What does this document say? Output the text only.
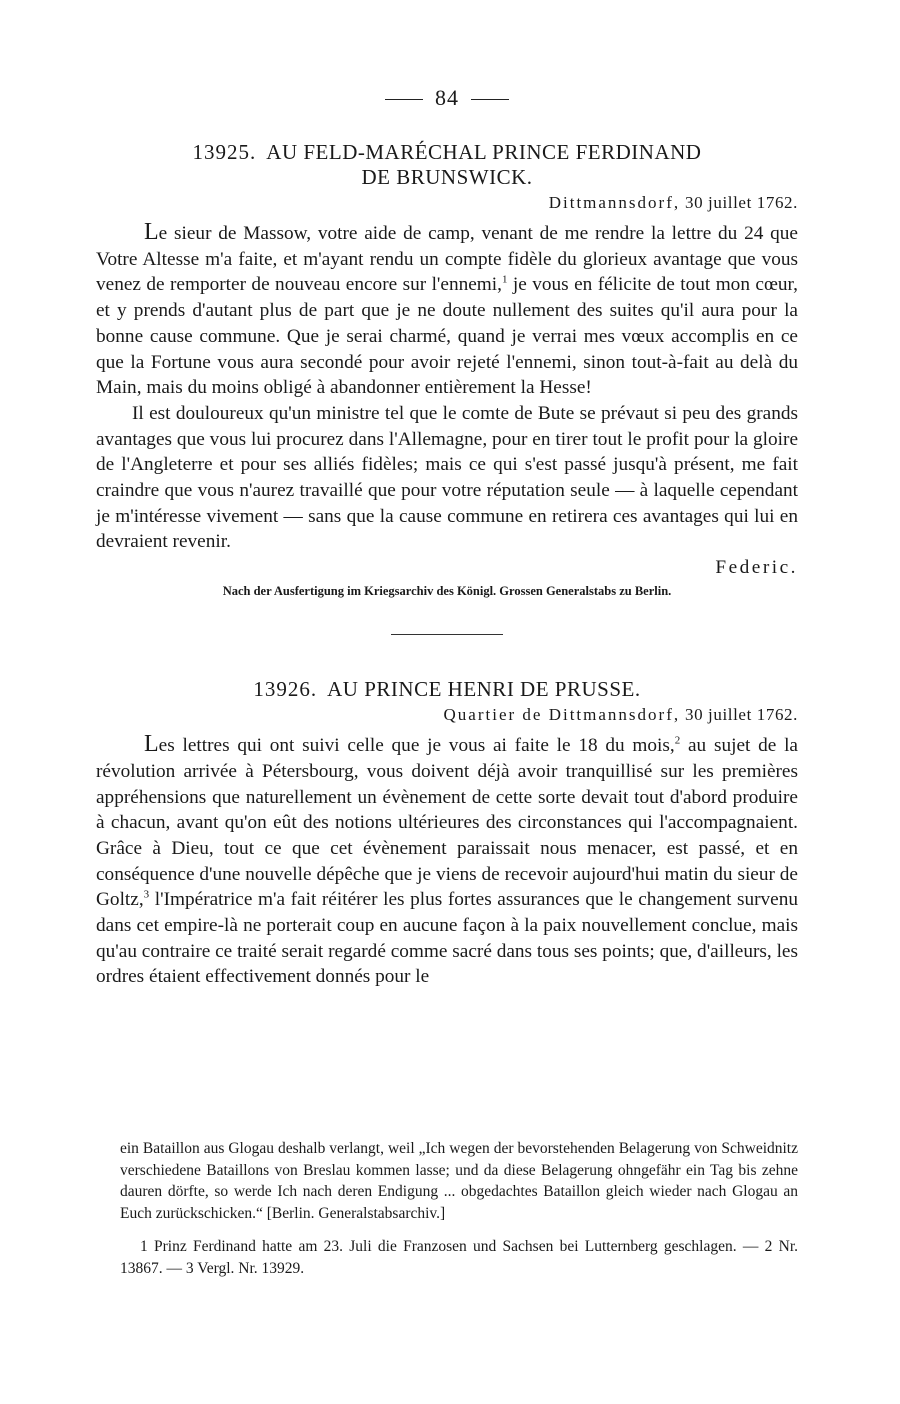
84
13925. AU FELD-MARÉCHAL PRINCE FERDINAND
DE BRUNSWICK.
Dittmannsdorf, 30 juillet 1762.

Le sieur de Massow, votre aide de camp, venant de me rendre la lettre du 24 que Votre Altesse m'a faite, et m'ayant rendu un compte fidèle du glorieux avantage que vous venez de remporter de nouveau encore sur l'ennemi,$^1$ je vous en félicite de tout mon cœur, et y prends d'autant plus de part que je ne doute nullement des suites qu'il aura pour la bonne cause commune. Que je serai charmé, quand je verrai mes vœux accomplis en ce que la Fortune vous aura secondé pour avoir rejeté l'ennemi, sinon tout-à-fait au delà du Main, mais du moins obligé à abandonner entièrement la Hesse!

Il est douloureux qu'un ministre tel que le comte de Bute se prévaut si peu des grands avantages que vous lui procurez dans l'Allemagne, pour en tirer tout le profit pour la gloire de l'Angleterre et pour ses alliés fidèles; mais ce qui s'est passé jusqu'à présent, me fait craindre que vous n'aurez travaillé que pour votre réputation seule — à laquelle cependant je m'intéresse vivement — sans que la cause commune en retirera ces avantages qui lui en devraient revenir.

Federic.
Nach der Ausfertigung im Kriegsarchiv des Königl. Grossen Generalstabs zu Berlin.
13926. AU PRINCE HENRI DE PRUSSE.
Quartier de Dittmannsdorf, 30 juillet 1762.

Les lettres qui ont suivi celle que je vous ai faite le 18 du mois,$^2$ au sujet de la révolution arrivée à Pétersbourg, vous doivent déjà avoir tranquillisé sur les premières appréhensions que naturellement un évènement de cette sorte devait tout d'abord produire à chacun, avant qu'on eût des notions ultérieures des circonstances qui l'accompagnaient. Grâce à Dieu, tout ce que cet évènement paraissait nous menacer, est passé, et en conséquence d'une nouvelle dépêche que je viens de recevoir aujourd'hui matin du sieur de Goltz,$^3$ l'Impératrice m'a fait réitérer les plus fortes assurances que le changement survenu dans cet empire-là ne porterait coup en aucune façon à la paix nouvellement conclue, mais qu'au contraire ce traité serait regardé comme sacré dans tous ses points; que, d'ailleurs, les ordres étaient effectivement donnés pour le

ein Bataillon aus Glogau deshalb verlangt, weil „Ich wegen der bevorstehenden Belagerung von Schweidnitz verschiedene Bataillons von Breslau kommen lasse; und da diese Belagerung ohngefähr ein Tag bis zehne dauren dörfte, so werde Ich nach deren Endigung ... obgedachtes Bataillon gleich wieder nach Glogau an Euch zurückschicken.“ [Berlin. Generalstabsarchiv.]

1 Prinz Ferdinand hatte am 23. Juli die Franzosen und Sachsen bei Lutternberg geschlagen. — 2 Nr. 13867. — 3 Vergl. Nr. 13929.
